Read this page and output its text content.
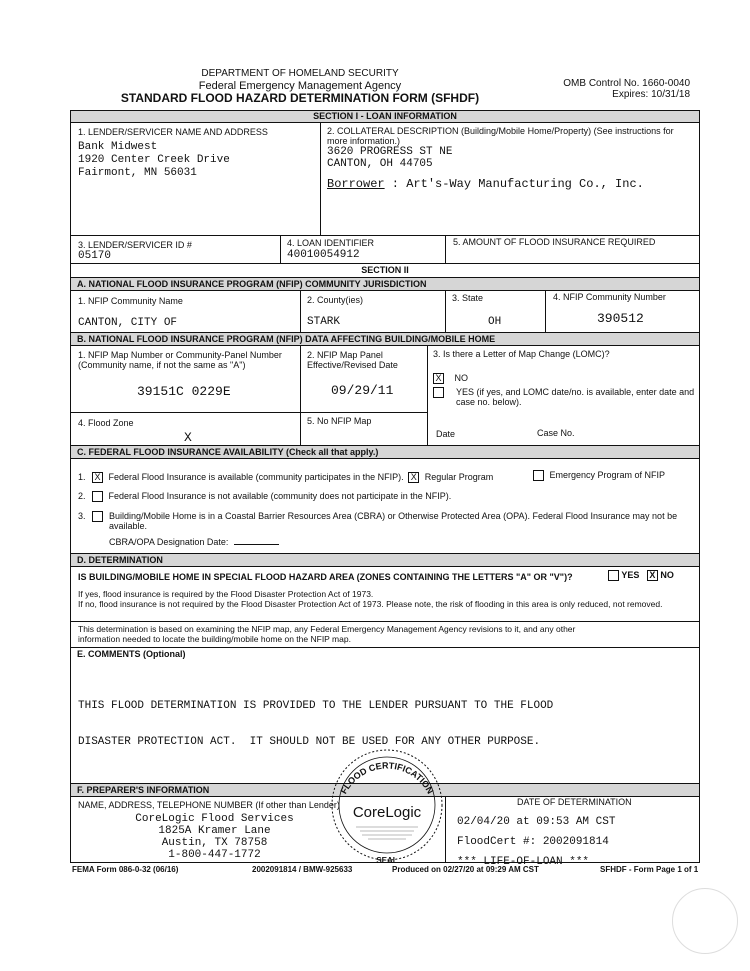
DEPARTMENT OF HOMELAND SECURITY
Federal Emergency Management Agency
STANDARD FLOOD HAZARD DETERMINATION FORM (SFHDF)
OMB Control No. 1660-0040
Expires: 10/31/18
SECTION I - LOAN INFORMATION
1. LENDER/SERVICER NAME AND ADDRESS
Bank Midwest
1920 Center Creek Drive
Fairmont, MN 56031
2. COLLATERAL DESCRIPTION (Building/Mobile Home/Property) (See instructions for more information.)
3620 PROGRESS ST NE
CANTON, OH 44705
Borrower : Art's-Way Manufacturing Co., Inc.
3. LENDER/SERVICER ID #
05170
4. LOAN IDENTIFIER
40010054912
5. AMOUNT OF FLOOD INSURANCE REQUIRED
SECTION II
A. NATIONAL FLOOD INSURANCE PROGRAM (NFIP) COMMUNITY JURISDICTION
1. NFIP Community Name
CANTON, CITY OF
2. County(ies)
STARK
3. State
OH
4. NFIP Community Number
390512
B. NATIONAL FLOOD INSURANCE PROGRAM (NFIP) DATA AFFECTING BUILDING/MOBILE HOME
1. NFIP Map Number or Community-Panel Number
(Community name, if not the same as "A")
39151C 0229E
2. NFIP Map Panel
Effective/Revised Date
09/29/11
3. Is there a Letter of Map Change (LOMC)?
X NO
YES (if yes, and LOMC date/no. is available, enter date and case no. below).
4. Flood Zone
X
5. No NFIP Map
Date	Case No.
C. FEDERAL FLOOD INSURANCE AVAILABILITY (Check all that apply.)
1. X Federal Flood Insurance is available (community participates in the NFIP). X Regular Program	Emergency Program of NFIP
2.	Federal Flood Insurance is not available (community does not participate in the NFIP).
3.	Building/Mobile Home is in a Coastal Barrier Resources Area (CBRA) or Otherwise Protected Area (OPA). Federal Flood Insurance may not be available.
CBRA/OPA Designation Date:
D. DETERMINATION
IS BUILDING/MOBILE HOME IN SPECIAL FLOOD HAZARD AREA (ZONES CONTAINING THE LETTERS "A" OR "V")?	YES X NO
If yes, flood insurance is required by the Flood Disaster Protection Act of 1973.
If no, flood insurance is not required by the Flood Disaster Protection Act of 1973. Please note, the risk of flooding in this area is only reduced, not removed.
This determination is based on examining the NFIP map, any Federal Emergency Management Agency revisions to it, and any other information needed to locate the building/mobile home on the NFIP map.
E. COMMENTS (Optional)

THIS FLOOD DETERMINATION IS PROVIDED TO THE LENDER PURSUANT TO THE FLOOD

DISASTER PROTECTION ACT.  IT SHOULD NOT BE USED FOR ANY OTHER PURPOSE.

F. PREPARER'S INFORMATION
NAME, ADDRESS, TELEPHONE NUMBER (If other than Lender)
CoreLogic Flood Services
1825A Kramer Lane
Austin, TX 78758
1-800-447-1772
DATE OF DETERMINATION
02/04/20 at 09:53 AM CST
FloodCert #: 2002091814
*** LIFE-OF-LOAN ***
FLOOD CERTIFICATION
CoreLogic
SEAL
FEMA Form 086-0-32 (06/16)	2002091814 / BMW-925633	Produced on 02/27/20 at 09:29 AM CST	SFHDF - Form Page 1 of 1
